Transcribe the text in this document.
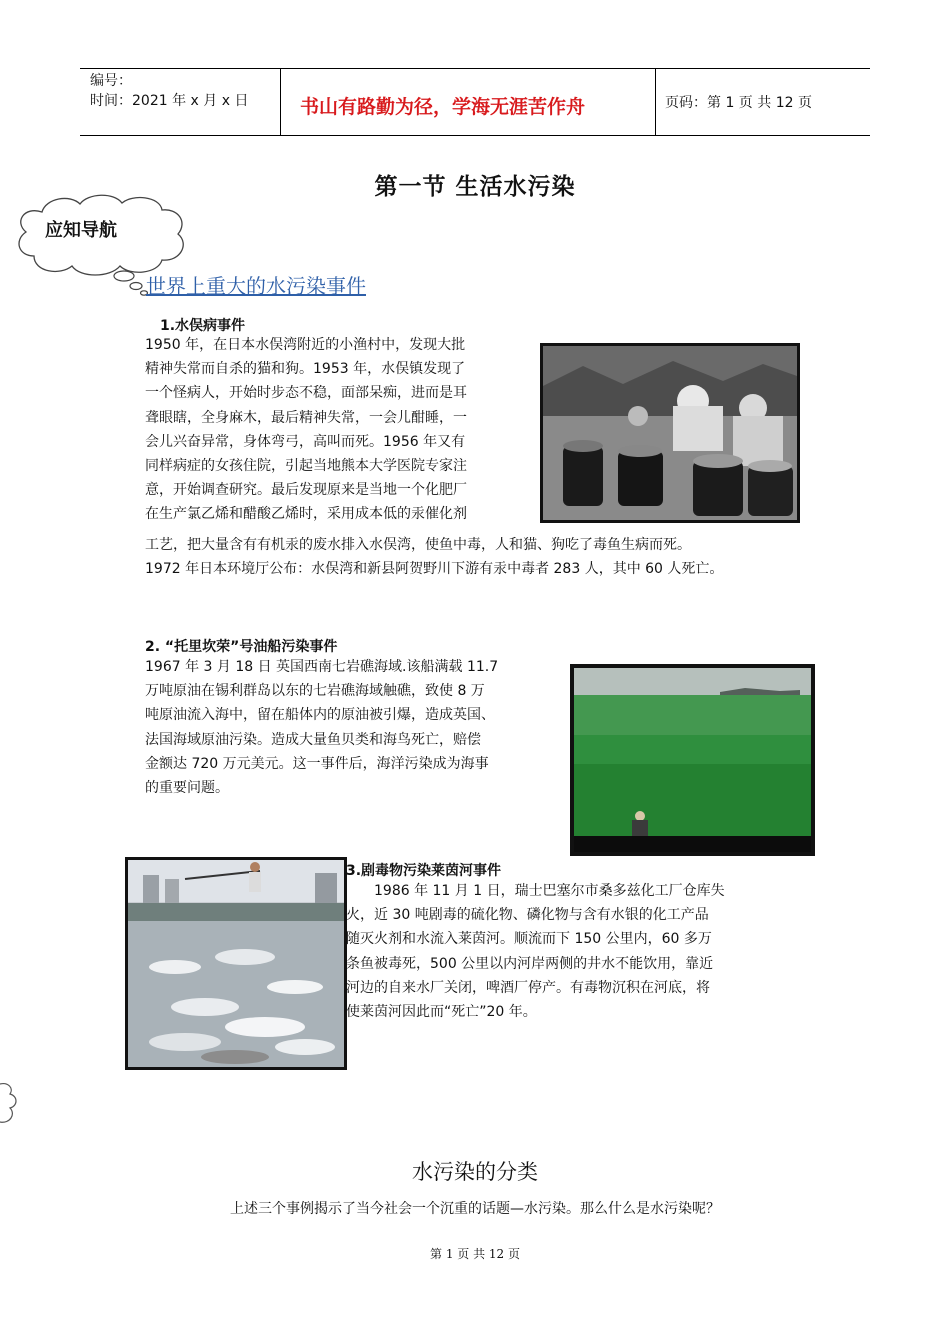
编号：
时间：2021 年 x 月 x 日	书山有路勤为径，学海无涯苦作舟	页码：第 1 页 共 12 页
第一节 生活水污染
应知导航
世界上重大的水污染事件
1.水俣病事件
1950 年，在日本水俣湾附近的小渔村中，发现大批
精神失常而自杀的猫和狗。1953 年，水俣镇发现了
一个怪病人，开始时步态不稳，面部呆痴，进而是耳
聋眼瞎，全身麻木，最后精神失常，一会儿酣睡，一
会儿兴奋异常，身体弯弓，高叫而死。1956 年又有
同样病症的女孩住院，引起当地熊本大学医院专家注
意，开始调查研究。最后发现原来是当地一个化肥厂
在生产氯乙烯和醋酸乙烯时，采用成本低的汞催化剂
工艺，把大量含有有机汞的废水排入水俣湾，使鱼中毒，人和猫、狗吃了毒鱼生病而死。
1972 年日本环境厅公布：水俣湾和新县阿贺野川下游有汞中毒者 283 人，其中 60 人死亡。
2. “托里坎荣”号油船污染事件
1967 年 3 月 18 日 英国西南七岩礁海域.该船满载 11.7
万吨原油在锡利群岛以东的七岩礁海域触礁，致使 8 万
吨原油流入海中，留在船体内的原油被引爆，造成英国、
法国海域原油污染。造成大量鱼贝类和海鸟死亡，赔偿
金额达 720 万元美元。这一事件后，海洋污染成为海事
的重要问题。
3.剧毒物污染莱茵河事件
　　1986 年 11 月 1 日，瑞士巴塞尔市桑多兹化工厂仓库失
火，近 30 吨剧毒的硫化物、磷化物与含有水银的化工产品
随灭火剂和水流入莱茵河。顺流而下 150 公里内，60 多万
条鱼被毒死，500 公里以内河岸两侧的井水不能饮用，靠近
河边的自来水厂关闭，啤酒厂停产。有毒物沉积在河底，将
使莱茵河因此而“死亡”20 年。
水污染的分类
上述三个事例揭示了当今社会一个沉重的话题—水污染。那么什么是水污染呢？
第 1 页 共 12 页
